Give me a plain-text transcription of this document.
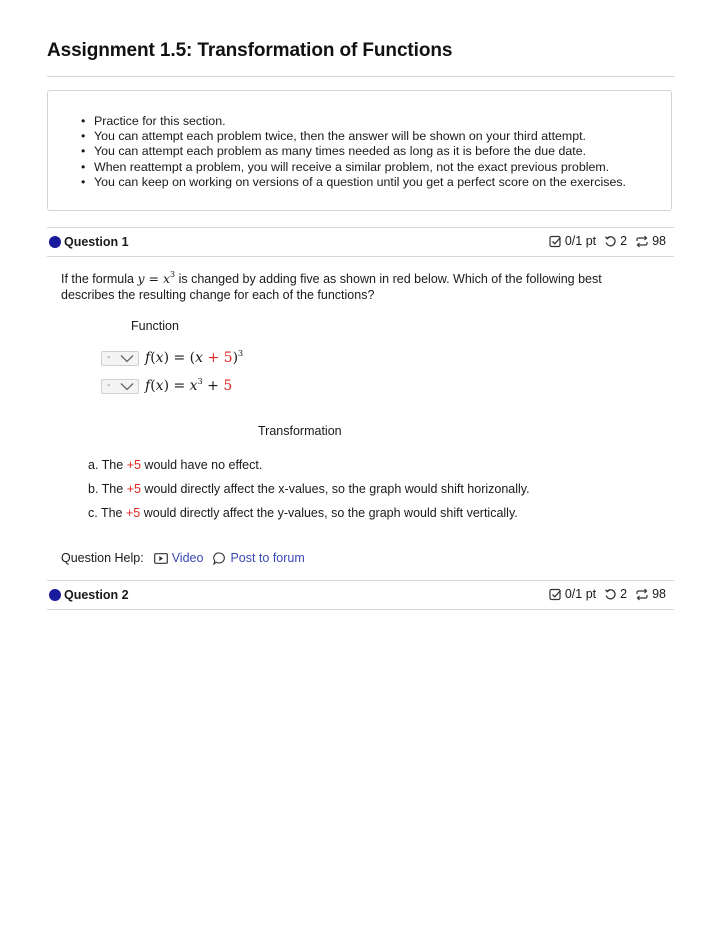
Assignment 1.5: Transformation of Functions
• Practice for this section.
• You can attempt each problem twice, then the answer will be shown on your third attempt.
• You can attempt each problem as many times needed as long as it is before the due date.
• When reattempt a problem, you will receive a similar problem, not the exact previous problem.
• You can keep on working on versions of a question until you get a perfect score on the exercises.
Question 1	0/1 pt 2 98
If the formula $y = x^3$ is changed by adding five as shown in red below. Which of the following best describes the resulting change for each of the functions?
Function
- $f(x) = (x + 5)^3$
- $f(x) = x^3 + 5$
Transformation
a. The +5 would have no effect.
b. The +5 would directly affect the x-values, so the graph would shift horizonally.
c. The +5 would directly affect the y-values, so the graph would shift vertically.
Question Help: Video Post to forum
Question 2	0/1 pt 2 98
